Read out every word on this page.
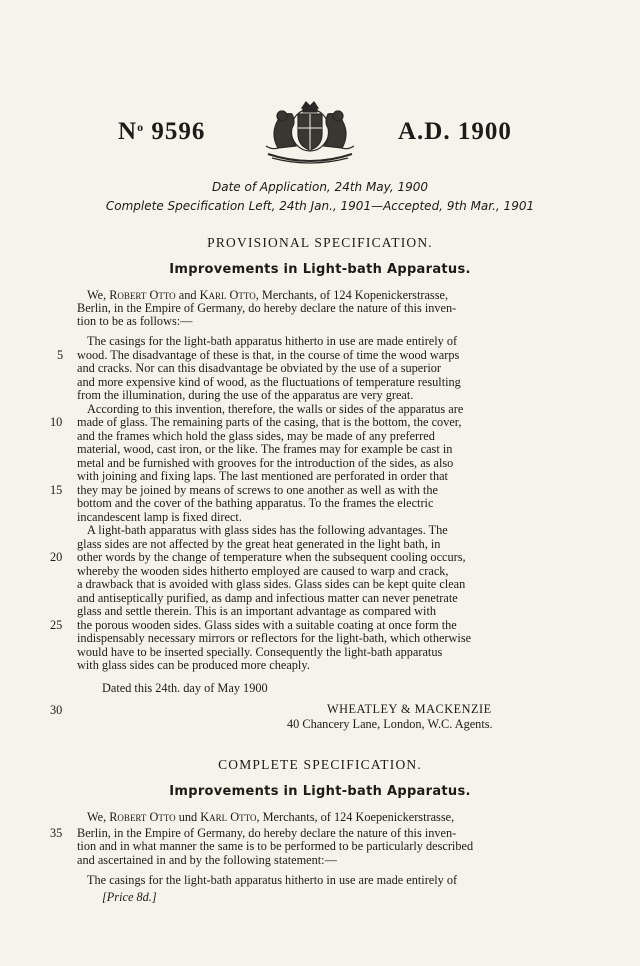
$N^o$ 9596	A.D. 1900
Date of Application, 24th May, 1900
Complete Specification Left, 24th Jan., 1901—Accepted, 9th Mar., 1901
PROVISIONAL SPECIFICATION.
Improvements in Light-bath Apparatus.
We, Robert Otto and Karl Otto, Merchants, of 124 Kopenickerstrasse,
Berlin, in the Empire of Germany, do hereby declare the nature of this inven-
tion to be as follows:—
The casings for the light-bath apparatus hitherto in use are made entirely of
wood. The disadvantage of these is that, in the course of time the wood warps
and cracks. Nor can this disadvantage be obviated by the use of a superior
and more expensive kind of wood, as the fluctuations of temperature resulting
from the illumination, during the use of the apparatus are very great.
According to this invention, therefore, the walls or sides of the apparatus are
made of glass. The remaining parts of the casing, that is the bottom, the cover,
and the frames which hold the glass sides, may be made of any preferred
material, wood, cast iron, or the like. The frames may for example be cast in
metal and be furnished with grooves for the introduction of the sides, as also
with joining and fixing laps. The last mentioned are perforated in order that
they may be joined by means of screws to one another as well as with the
bottom and the cover of the bathing apparatus. To the frames the electric
incandescent lamp is fixed direct.
A light-bath apparatus with glass sides has the following advantages. The
glass sides are not affected by the great heat generated in the light bath, in
other words by the change of temperature when the subsequent cooling occurs,
whereby the wooden sides hitherto employed are caused to warp and crack,
a drawback that is avoided with glass sides. Glass sides can be kept quite clean
and antiseptically purified, as damp and infectious matter can never penetrate
glass and settle therein. This is an important advantage as compared with
the porous wooden sides. Glass sides with a suitable coating at once form the
indispensably necessary mirrors or reflectors for the light-bath, which otherwise
would have to be inserted specially. Consequently the light-bath apparatus
with glass sides can be produced more cheaply.
Dated this 24th. day of May 1900
WHEATLEY & MACKENZIE
40 Chancery Lane, London, W.C. Agents.
COMPLETE SPECIFICATION.
Improvements in Light-bath Apparatus.
We, Robert Otto und Karl Otto, Merchants, of 124 Koepenickerstrasse,
Berlin, in the Empire of Germany, do hereby declare the nature of this inven-
tion and in what manner the same is to be performed to be particularly described
and ascertained in and by the following statement:—
The casings for the light-bath apparatus hitherto in use are made entirely of
5
10
15
20
25
30
35
[Price 8d.]
